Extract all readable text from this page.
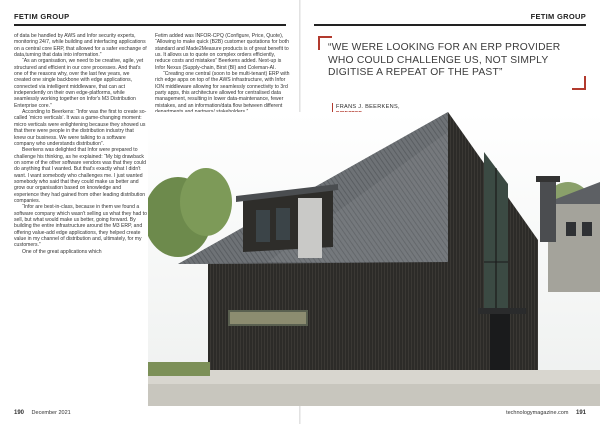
FETIM GROUP

of data be handled by AWS and Infor security experts, monitoring 24/7, while building and interfacing applications on a central core ERP, that allowed for a safer exchange of data,turning that data into information.”

“As an organisation, we need to be creative, agile, yet structured and efficient in our core processes. And that's one of the reasons why, over the last few years, we created one single backbone with edge applications, connected via intelligent middleware, that can act independently on their own edge-platforms, while seamlessly working together on Infor's M3 Distribution Enterprise core.”

According to Beerkens: “Infor was the first to create so-called ‘micro verticals’. It was a game-changing moment: micro verticals were enlightening because they showed us that there were people in the distribution industry that knew our business. We were talking to a software company who understands distribution”.

Beerkens was delighted that Infor were prepared to challenge his thinking, as he explained: “My big drawback on some of the other software vendors was that they could do anything that I wanted. But that's exactly what I didn't want. I want somebody who challenges me. I just wanted somebody who said that they could make us better and grow our organisation based on knowledge and experience they had gained from other leading distribution companies.

“Infor are best-in-class, because in them we found a software company which wasn't selling us what they had to sell, but what would make us better, going forward. By building the entire infrastructure around the M3 ERP, and offering value-add edge applications, they helped create value in my channel of distribution and, ultimately, for my customers.”

One of the great applications which

Fetim added was INFOR-CPQ (Configure, Price, Quote), “Allowing to make quick (B2B) customer quotations for both standard and Made2Measure products is of great benefit to us. It allows us to quote on complex orders efficiently, reduce costs and mistakes” Beerkens added. Next-up is Infor Nexus (Supply-chain, Birst (BI) and Coleman-AI.

“Creating one central (soon to be multi-tenant) ERP with rich edge apps on top of the AWS infrastructure, with Infor ION middleware allowing for seamlessly connectivity to 3rd party apps, this architecture allowed for centralised data management, resulting in lower data-maintenance, fewer mistakes, and an information/data flow between different

190 December 2021
FETIM GROUP
“WE WERE LOOKING FOR AN ERP PROVIDER WHO COULD CHALLENGE US, NOT SIMPLY DIGITISE A REPEAT OF THE PAST”
FRANS J. BEERKENS,
technologymagazine.com 191
